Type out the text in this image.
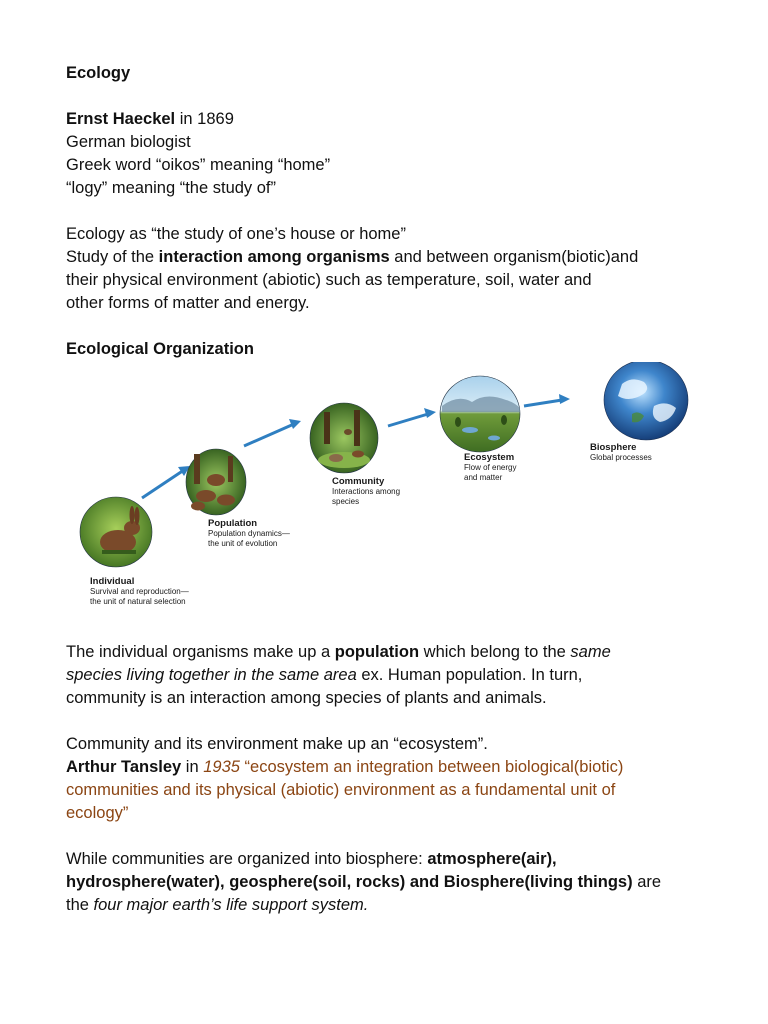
Ecology
Ernst Haeckel in 1869
German biologist
Greek word “oikos” meaning “home”
“logy” meaning “the study of”
Ecology as “the study of one’s house or home”
Study of the interaction among organisms and between organism(biotic)and
their physical environment (abiotic) such as temperature, soil, water and
other forms of matter and energy.
Ecological Organization
Individual
Survival and reproduction—
the unit of natural selection
Population
Population dynamics—
the unit of evolution
Community
Interactions among
species
Ecosystem
Flow of energy
and matter
Biosphere
Global processes
The individual organisms make up a population which belong to the same
species living together in the same area ex. Human population. In turn,
community is an interaction among species of plants and animals.
Community and its environment make up an “ecosystem”.
Arthur Tansley in 1935 “ecosystem an integration between biological(biotic)
communities and its physical (abiotic) environment as a fundamental unit of
ecology”
While communities are organized into biosphere: atmosphere(air),
hydrosphere(water), geosphere(soil, rocks) and Biosphere(living things) are
the four major earth’s life support system.
